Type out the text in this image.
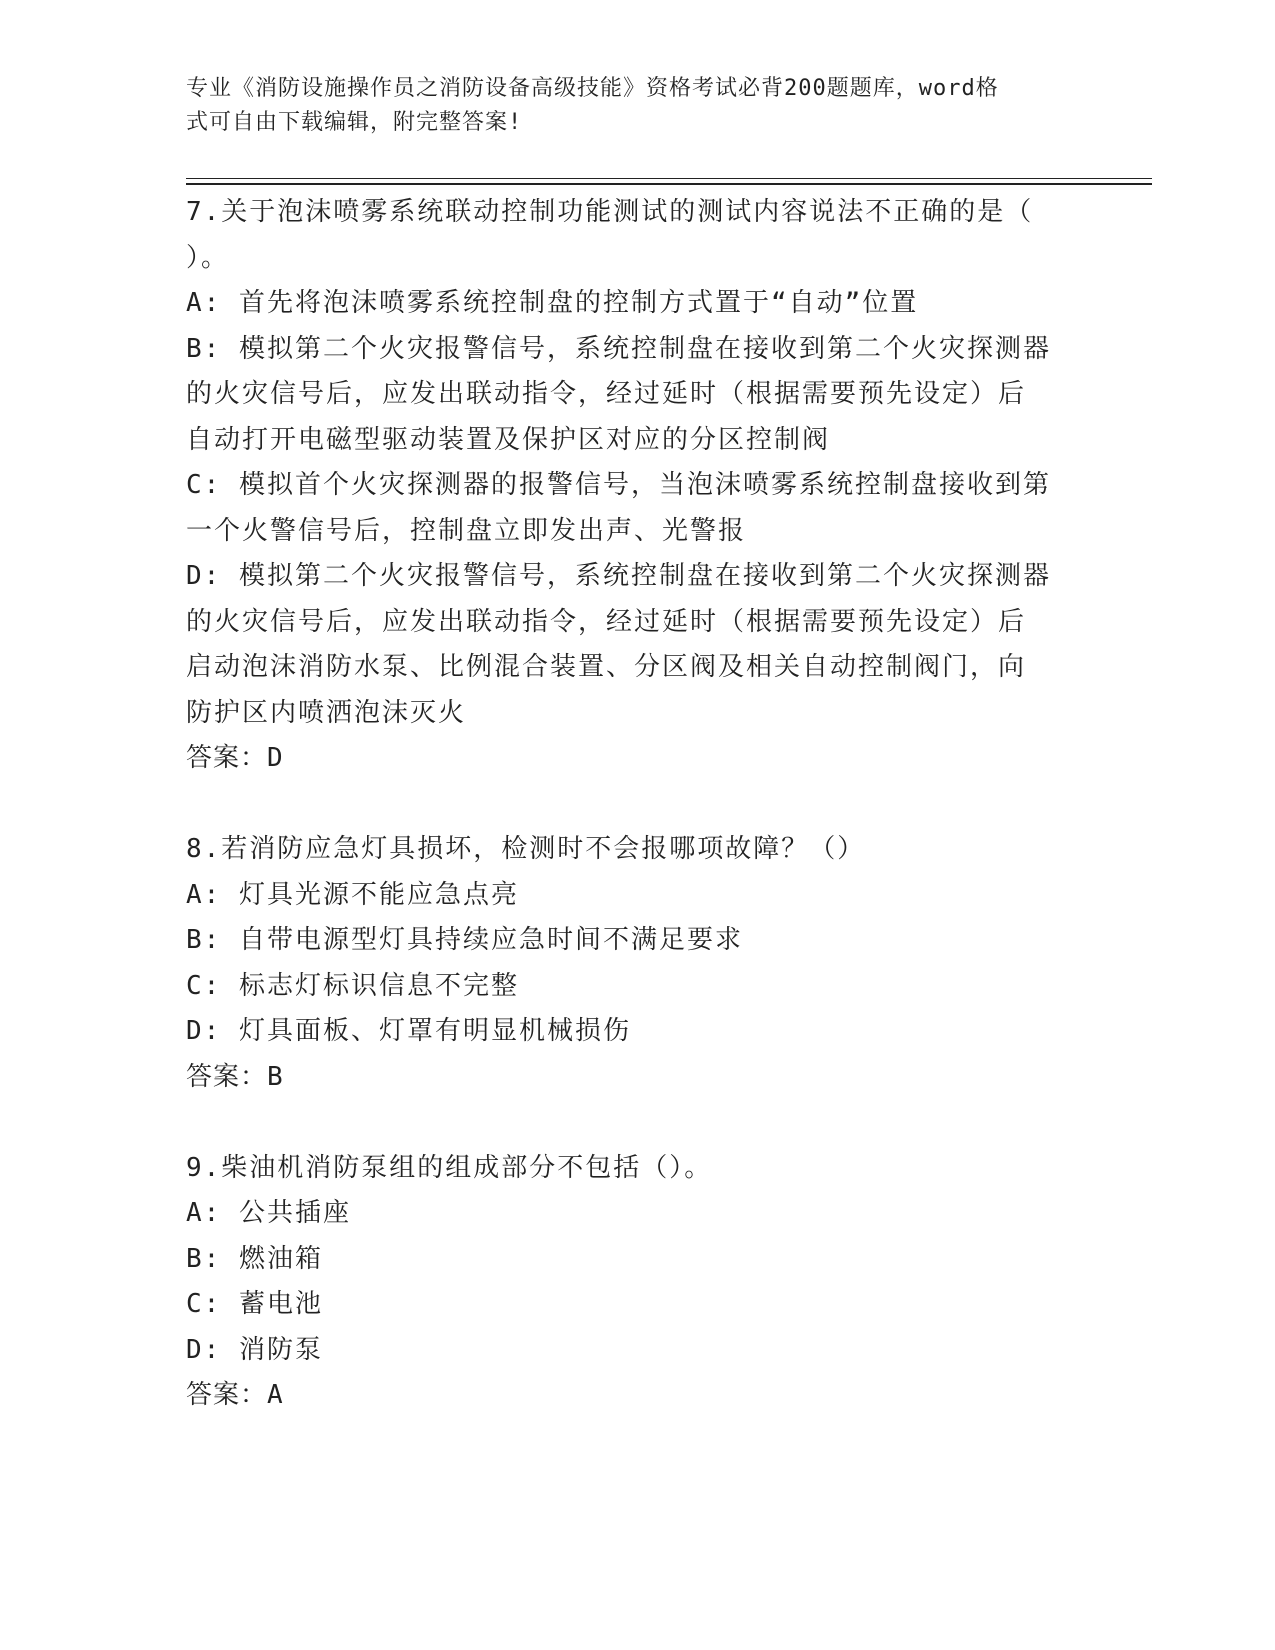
专业《消防设施操作员之消防设备高级技能》资格考试必背200题题库，word格
式可自由下载编辑，附完整答案!

7.关于泡沫喷雾系统联动控制功能测试的测试内容说法不正确的是（

）。

A: 首先将泡沫喷雾系统控制盘的控制方式置于“自动”位置

B: 模拟第二个火灾报警信号，系统控制盘在接收到第二个火灾探测器

的火灾信号后，应发出联动指令，经过延时（根据需要预先设定）后

自动打开电磁型驱动装置及保护区对应的分区控制阀

C: 模拟首个火灾探测器的报警信号，当泡沫喷雾系统控制盘接收到第

一个火警信号后，控制盘立即发出声、光警报

D: 模拟第二个火灾报警信号，系统控制盘在接收到第二个火灾探测器

的火灾信号后，应发出联动指令，经过延时（根据需要预先设定）后

启动泡沫消防水泵、比例混合装置、分区阀及相关自动控制阀门，向

防护区内喷洒泡沫灭火

答案：D

8.若消防应急灯具损坏，检测时不会报哪项故障？（）

A: 灯具光源不能应急点亮

B: 自带电源型灯具持续应急时间不满足要求

C: 标志灯标识信息不完整

D: 灯具面板、灯罩有明显机械损伤

答案：B

9.柴油机消防泵组的组成部分不包括（）。

A: 公共插座

B: 燃油箱

C: 蓄电池

D: 消防泵

答案：A
